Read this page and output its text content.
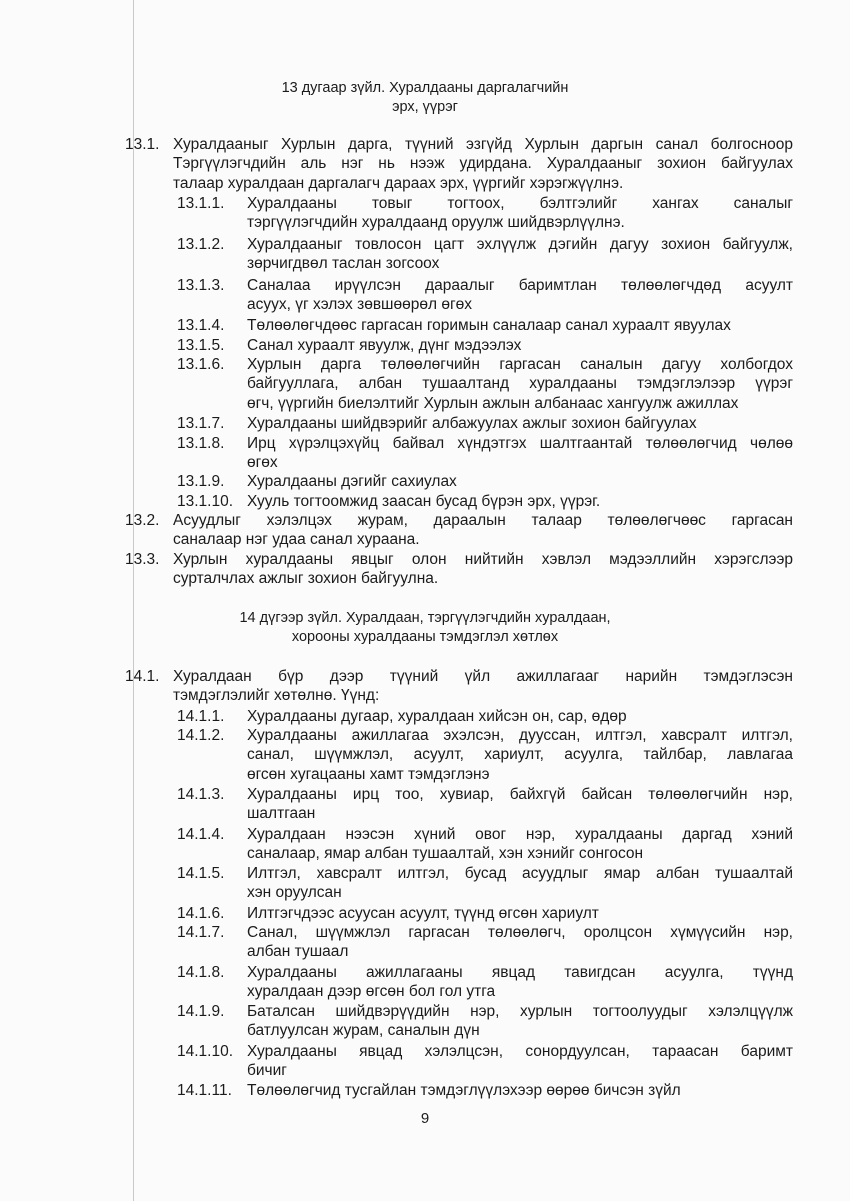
13 дугаар зүйл. Хуралдааны даргалагчийн
эрх, үүрэг
13.1. Хуралдааныг Хурлын дарга, түүний эзгүйд Хурлын даргын санал болгосноор
Тэргүүлэгчдийн аль нэг нь нээж удирдана. Хуралдааныг зохион байгуулах
талаар хуралдаан даргалагч дараах эрх, үүргийг хэрэгжүүлнэ.
13.1.1. Хуралдааны товыг тогтоох, бэлтгэлийг хангах саналыг
тэргүүлэгчдийн хуралдаанд оруулж шийдвэрлүүлнэ.
13.1.2. Хуралдааныг товлосон цагт эхлүүлж дэгийн дагуу зохион байгуулж,
зөрчигдвөл таслан зогсоох
13.1.3. Саналаа ирүүлсэн дараалыг баримтлан төлөөлөгчдөд асуулт
асуух, үг хэлэх зөвшөөрөл өгөх
13.1.4. Төлөөлөгчдөөс гаргасан горимын саналаар санал хураалт явуулах
13.1.5. Санал хураалт явуулж, дүнг мэдээлэх
13.1.6. Хурлын дарга төлөөлөгчийн гаргасан саналын дагуу холбогдох
байгууллага, албан тушаалтанд хуралдааны тэмдэглэлээр үүрэг
өгч, үүргийн биелэлтийг Хурлын ажлын албанаас хангуулж ажиллах
13.1.7. Хуралдааны шийдвэрийг албажуулах ажлыг зохион байгуулах
13.1.8. Ирц хүрэлцэхүйц байвал хүндэтгэх шалтгаантай төлөөлөгчид чөлөө
өгөх
13.1.9. Хуралдааны дэгийг сахиулах
13.1.10. Хууль тогтоомжид заасан бусад бүрэн эрх, үүрэг.
13.2. Асуудлыг хэлэлцэх журам, дараалын талаар төлөөлөгчөөс гаргасан
саналаар нэг удаа санал хураана.
13.3. Хурлын хуралдааны явцыг олон нийтийн хэвлэл мэдээллийн хэрэгслээр
сурталчлах ажлыг зохион байгуулна.
14 дүгээр зүйл. Хуралдаан, тэргүүлэгчдийн хуралдаан,
хорооны хуралдааны тэмдэглэл хөтлөх
14.1. Хуралдаан бүр дээр түүний үйл ажиллагааг нарийн тэмдэглэсэн
тэмдэглэлийг хөтөлнө. Үүнд:
14.1.1. Хуралдааны дугаар, хуралдаан хийсэн он, сар, өдөр
14.1.2. Хуралдааны ажиллагаа эхэлсэн, дууссан, илтгэл, хавсралт илтгэл,
санал, шүүмжлэл, асуулт, хариулт, асуулга, тайлбар, лавлагаа
өгсөн хугацааны хамт тэмдэглэнэ
14.1.3. Хуралдааны ирц тоо, хувиар, байхгүй байсан төлөөлөгчийн нэр,
шалтгаан
14.1.4. Хуралдаан нээсэн хүний овог нэр, хуралдааны даргад хэний
саналаар, ямар албан тушаалтай, хэн хэнийг сонгосон
14.1.5. Илтгэл, хавсралт илтгэл, бусад асуудлыг ямар албан тушаалтай
хэн оруулсан
14.1.6. Илтгэгчдээс асуусан асуулт, түүнд өгсөн хариулт
14.1.7. Санал, шүүмжлэл гаргасан төлөөлөгч, оролцсон хүмүүсийн нэр,
албан тушаал
14.1.8. Хуралдааны ажиллагааны явцад тавигдсан асуулга, түүнд
хуралдаан дээр өгсөн бол гол утга
14.1.9. Баталсан шийдвэрүүдийн нэр, хурлын тогтоолуудыг хэлэлцүүлж
батлуулсан журам, саналын дүн
14.1.10. Хуралдааны явцад хэлэлцсэн, сонордуулсан, тараасан баримт
бичиг
14.1.11. Төлөөлөгчид тусгайлан тэмдэглүүлэхээр өөрөө бичсэн зүйл
9
